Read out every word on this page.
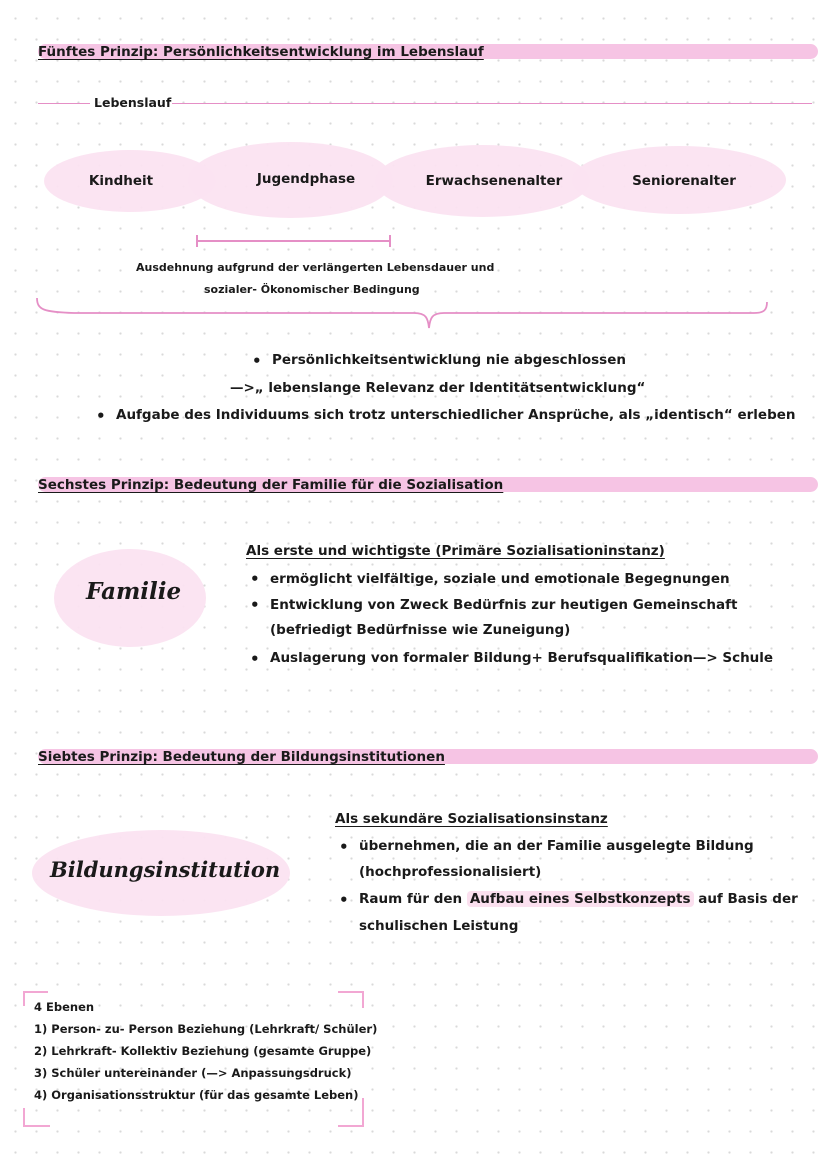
Fünftes Prinzip: Persönlichkeitsentwicklung im Lebenslauf
Lebenslauf
Kindheit	Jugendphase	Erwachsenenalter	Seniorenalter
Ausdehnung aufgrund der verlängerten Lebensdauer und
sozialer- Ökonomischer Bedingung
• Persönlichkeitsentwicklung nie abgeschlossen
—>„ lebenslange Relevanz der Identitätsentwicklung“
• Aufgabe des Individuums sich trotz unterschiedlicher Ansprüche, als „identisch“ erleben
Sechstes Prinzip: Bedeutung der Familie für die Sozialisation
Familie
Als erste und wichtigste (Primäre Sozialisationinstanz)
• ermöglicht vielfältige, soziale und emotionale Begegnungen
• Entwicklung von Zweck Bedürfnis zur heutigen Gemeinschaft
(befriedigt Bedürfnisse wie Zuneigung)
• Auslagerung von formaler Bildung+ Berufsqualifikation—> Schule
Siebtes Prinzip: Bedeutung der Bildungsinstitutionen
Bildungsinstitution
Als sekundäre Sozialisationsinstanz
• übernehmen, die an der Familie ausgelegte Bildung
(hochprofessionalisiert)
• Raum für den Aufbau eines Selbstkonzepts auf Basis der
schulischen Leistung
4 Ebenen
1) Person- zu- Person Beziehung (Lehrkraft/ Schüler)
2) Lehrkraft- Kollektiv Beziehung (gesamte Gruppe)
3) Schüler untereinander (—> Anpassungsdruck)
4) Organisationsstruktur (für das gesamte Leben)
